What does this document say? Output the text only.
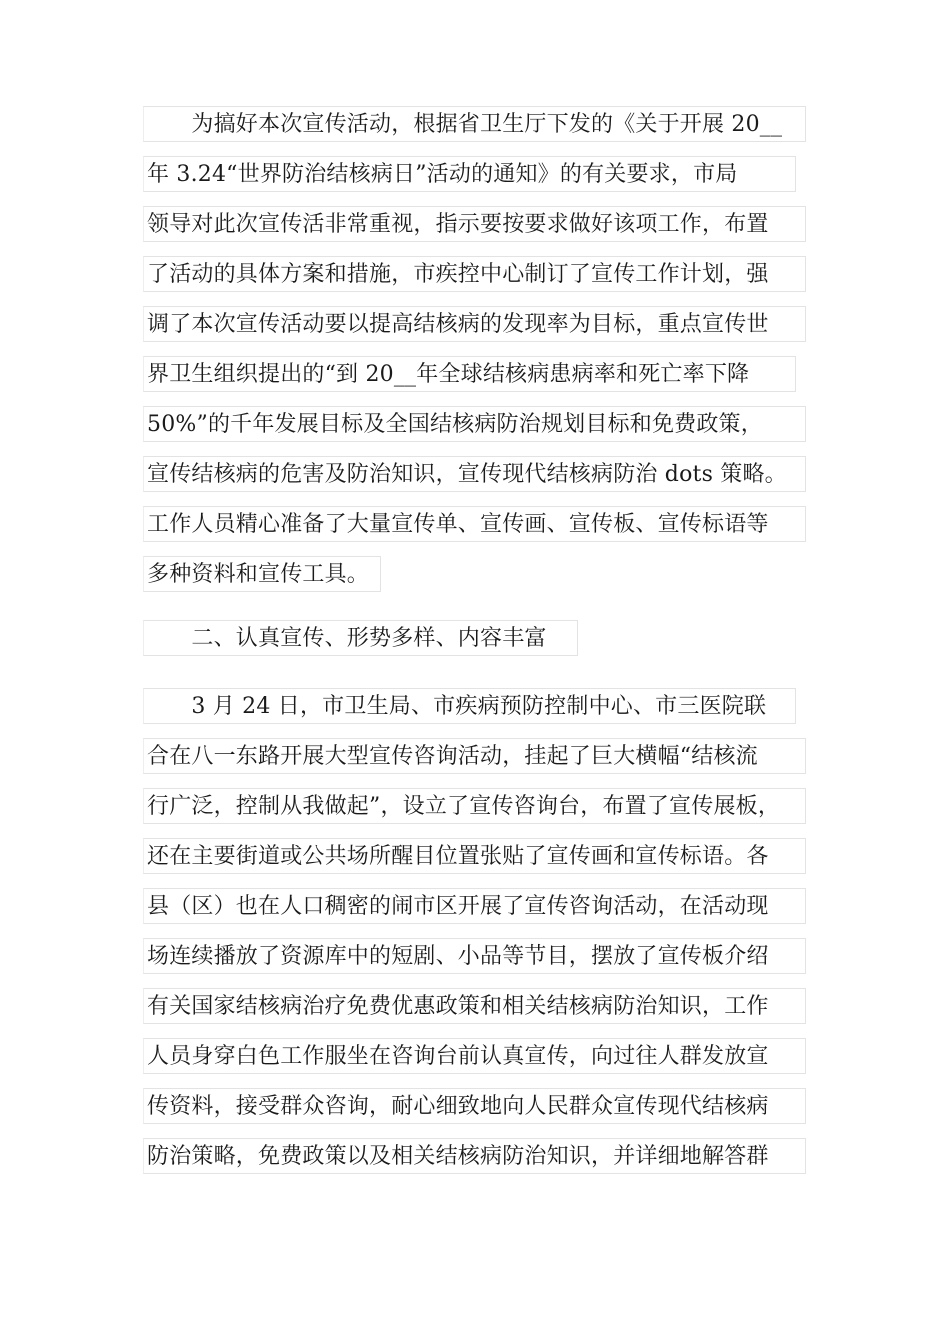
　　为搞好本次宣传活动，根据省卫生厅下发的《关于开展 20__
年 3.24“世界防治结核病日”活动的通知》的有关要求，市局
领导对此次宣传活非常重视，指示要按要求做好该项工作，布置
了活动的具体方案和措施，市疾控中心制订了宣传工作计划，强
调了本次宣传活动要以提高结核病的发现率为目标，重点宣传世
界卫生组织提出的“到 20__年全球结核病患病率和死亡率下降
50%”的千年发展目标及全国结核病防治规划目标和免费政策，
宣传结核病的危害及防治知识，宣传现代结核病防治 dots 策略。
工作人员精心准备了大量宣传单、宣传画、宣传板、宣传标语等
多种资料和宣传工具。
　　二、认真宣传、形势多样、内容丰富
　　3 月 24 日，市卫生局、市疾病预防控制中心、市三医院联
合在八一东路开展大型宣传咨询活动，挂起了巨大横幅“结核流
行广泛，控制从我做起”，设立了宣传咨询台，布置了宣传展板，
还在主要街道或公共场所醒目位置张贴了宣传画和宣传标语。各
县（区）也在人口稠密的闹市区开展了宣传咨询活动，在活动现
场连续播放了资源库中的短剧、小品等节目，摆放了宣传板介绍
有关国家结核病治疗免费优惠政策和相关结核病防治知识，工作
人员身穿白色工作服坐在咨询台前认真宣传，向过往人群发放宣
传资料，接受群众咨询，耐心细致地向人民群众宣传现代结核病
防治策略，免费政策以及相关结核病防治知识，并详细地解答群
